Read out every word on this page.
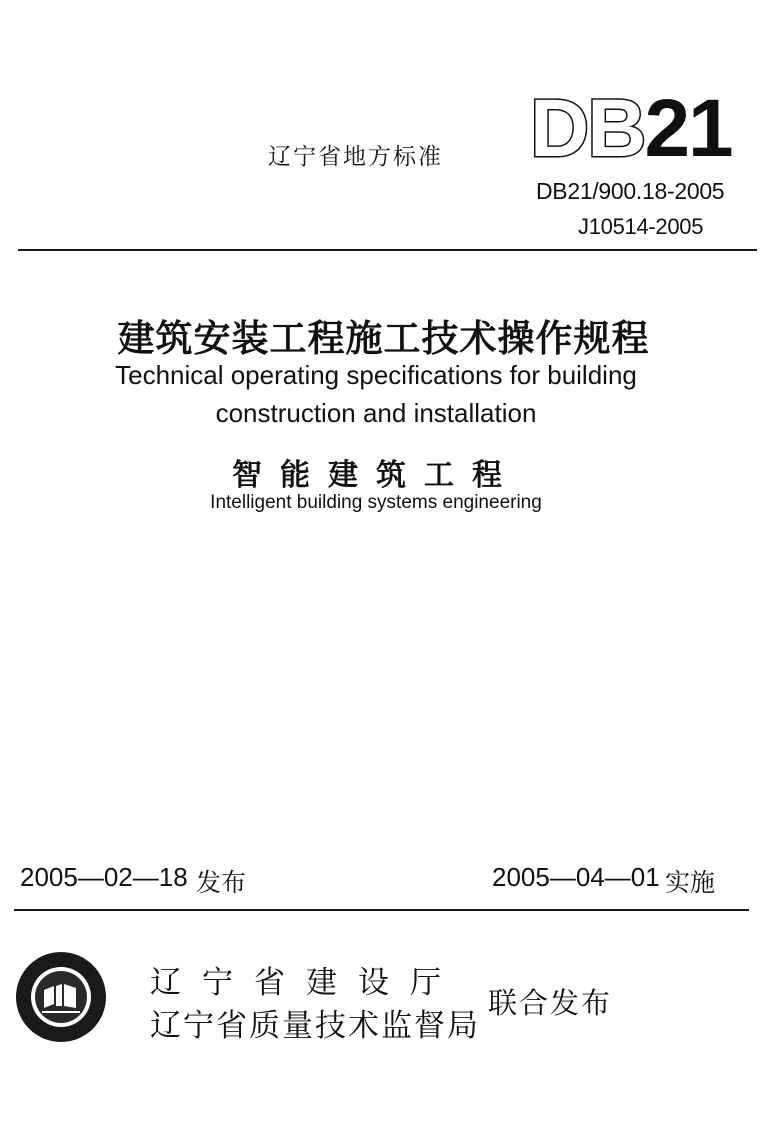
辽宁省地方标准 DB21
DB21/900.18-2005
J10514-2005
建筑安装工程施工技术操作规程
Technical operating specifications for building
construction and installation
智能建筑工程
Intelligent building systems engineering
2005—02—18 发布	2005—04—01 实施
辽宁省建设厅
辽宁省质量技术监督局
联合发布
